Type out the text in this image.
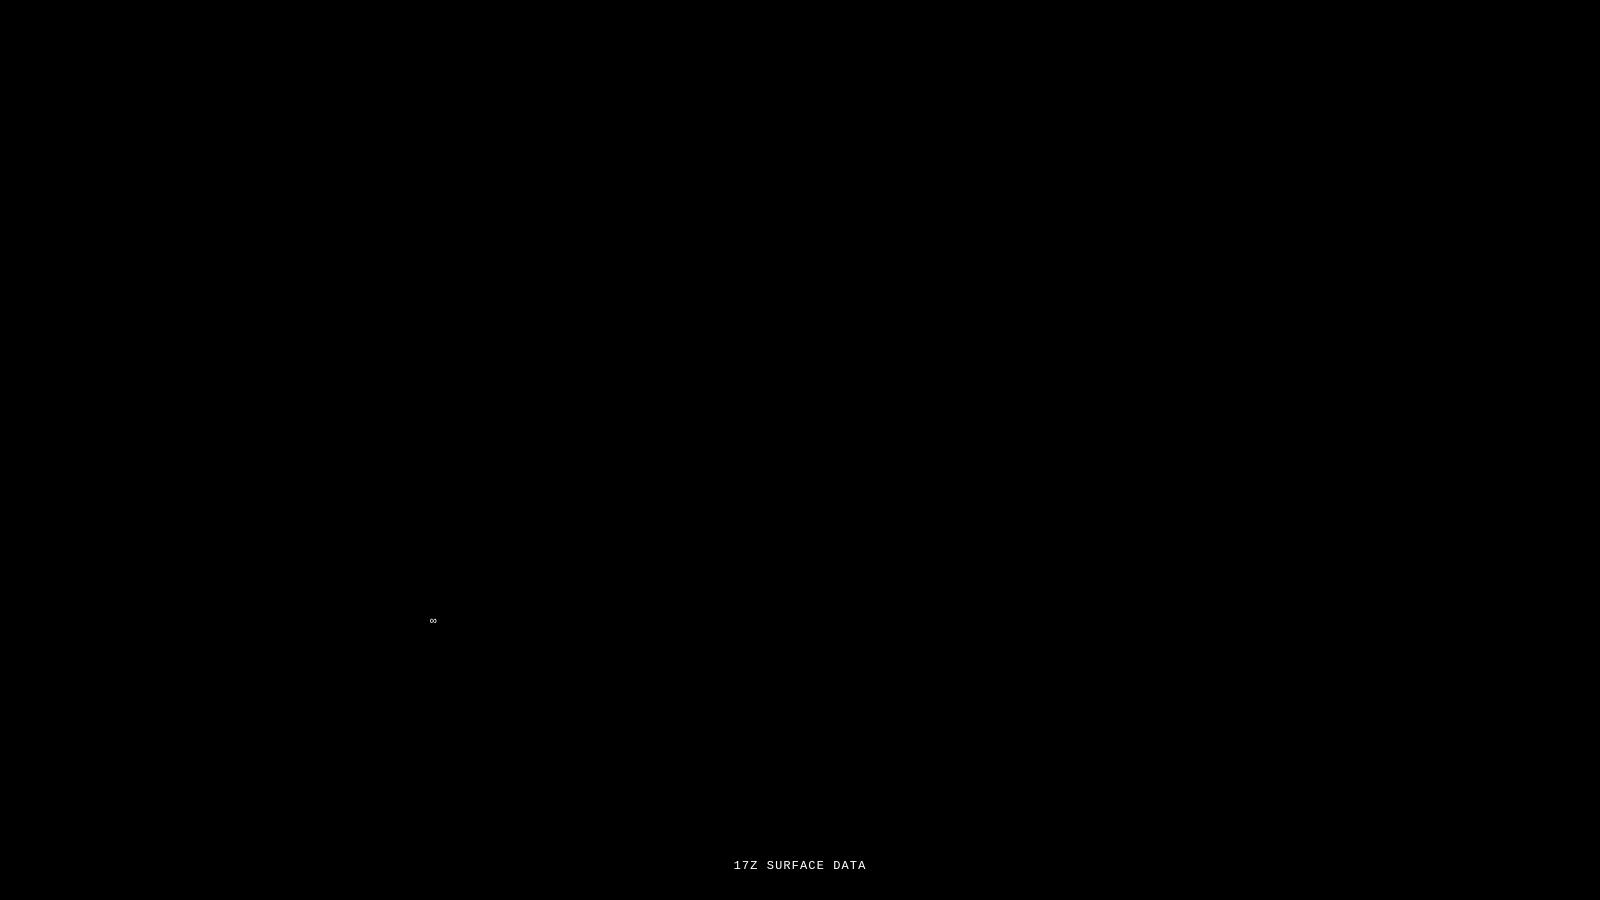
∞
17Z SURFACE DATA
